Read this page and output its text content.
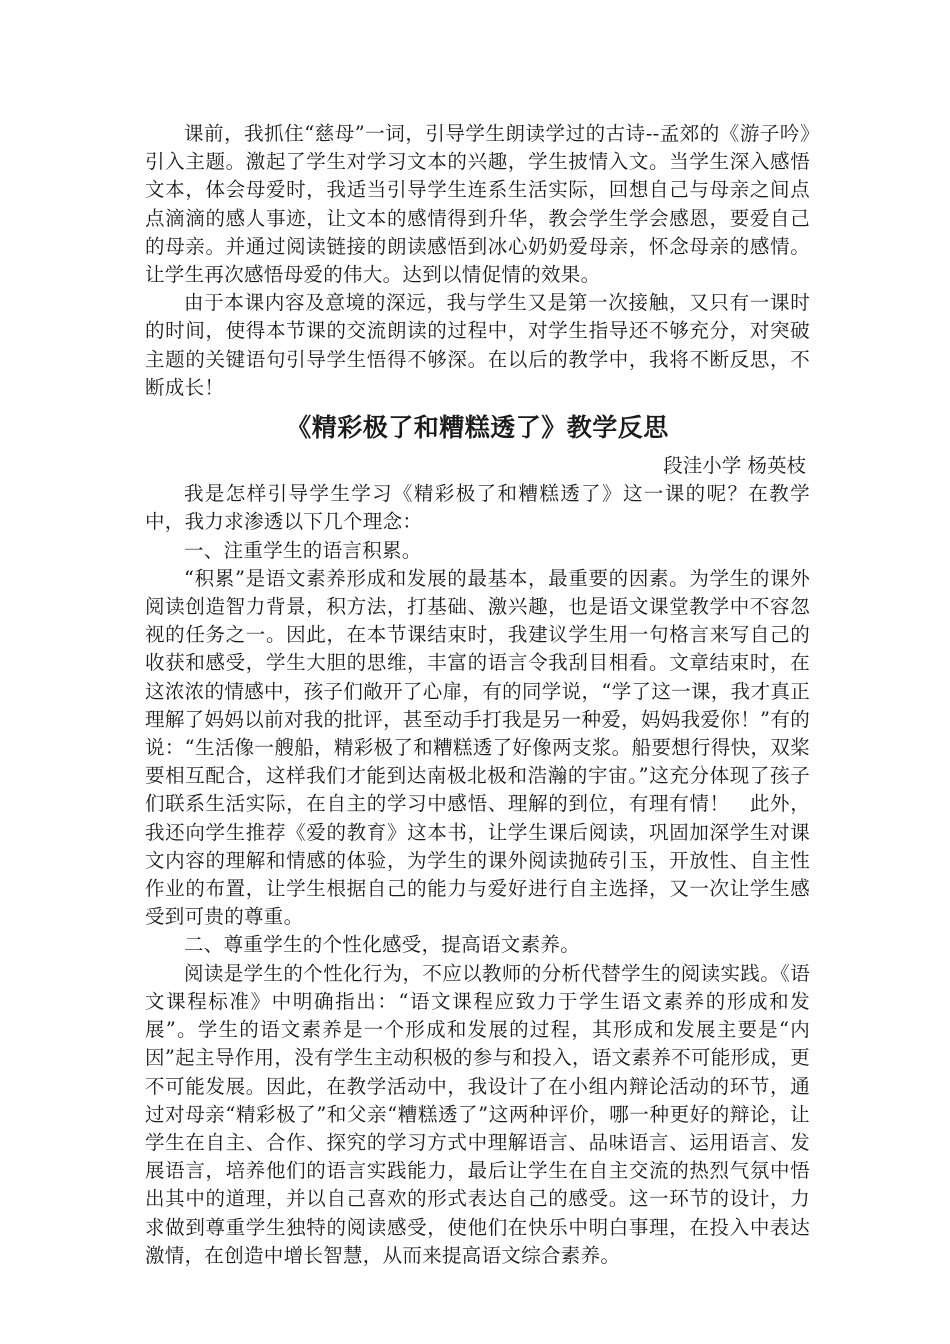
课前，我抓住“慈母”一词，引导学生朗读学过的古诗--孟郊的《游子吟》引入主题。激起了学生对学习文本的兴趣，学生披情入文。当学生深入感悟文本，体会母爱时，我适当引导学生连系生活实际，回想自己与母亲之间点点滴滴的感人事迹，让文本的感情得到升华，教会学生学会感恩，要爱自己的母亲。并通过阅读链接的朗读感悟到冰心奶奶爱母亲，怀念母亲的感情。让学生再次感悟母爱的伟大。达到以情促情的效果。

由于本课内容及意境的深远，我与学生又是第一次接触，又只有一课时的时间，使得本节课的交流朗读的过程中，对学生指导还不够充分，对突破主题的关键语句引导学生悟得不够深。在以后的教学中，我将不断反思，不断成长！

《精彩极了和糟糕透了》教学反思

段洼小学 杨英枝

我是怎样引导学生学习《精彩极了和糟糕透了》这一课的呢？在教学中，我力求渗透以下几个理念：

一、注重学生的语言积累。

“积累”是语文素养形成和发展的最基本，最重要的因素。为学生的课外阅读创造智力背景，积方法，打基础、激兴趣，也是语文课堂教学中不容忽视的任务之一。因此，在本节课结束时，我建议学生用一句格言来写自己的收获和感受，学生大胆的思维，丰富的语言令我刮目相看。文章结束时，在这浓浓的情感中，孩子们敞开了心扉，有的同学说，“学了这一课，我才真正理解了妈妈以前对我的批评，甚至动手打我是另一种爱，妈妈我爱你！”有的说：“生活像一艘船，精彩极了和糟糕透了好像两支浆。船要想行得快，双桨要相互配合，这样我们才能到达南极北极和浩瀚的宇宙。”这充分体现了孩子们联系生活实际，在自主的学习中感悟、理解的到位，有理有情！　此外，我还向学生推荐《爱的教育》这本书，让学生课后阅读，巩固加深学生对课文内容的理解和情感的体验，为学生的课外阅读抛砖引玉，开放性、自主性作业的布置，让学生根据自己的能力与爱好进行自主选择，又一次让学生感受到可贵的尊重。

二、尊重学生的个性化感受，提高语文素养。

阅读是学生的个性化行为，不应以教师的分析代替学生的阅读实践。《语文课程标准》中明确指出：“语文课程应致力于学生语文素养的形成和发展”。学生的语文素养是一个形成和发展的过程，其形成和发展主要是“内因”起主导作用，没有学生主动积极的参与和投入，语文素养不可能形成，更不可能发展。因此，在教学活动中，我设计了在小组内辩论活动的环节，通过对母亲“精彩极了”和父亲“糟糕透了”这两种评价，哪一种更好的辩论，让学生在自主、合作、探究的学习方式中理解语言、品味语言、运用语言、发展语言，培养他们的语言实践能力，最后让学生在自主交流的热烈气氛中悟出其中的道理，并以自己喜欢的形式表达自己的感受。这一环节的设计，力求做到尊重学生独特的阅读感受，使他们在快乐中明白事理，在投入中表达激情，在创造中增长智慧，从而来提高语文综合素养。
